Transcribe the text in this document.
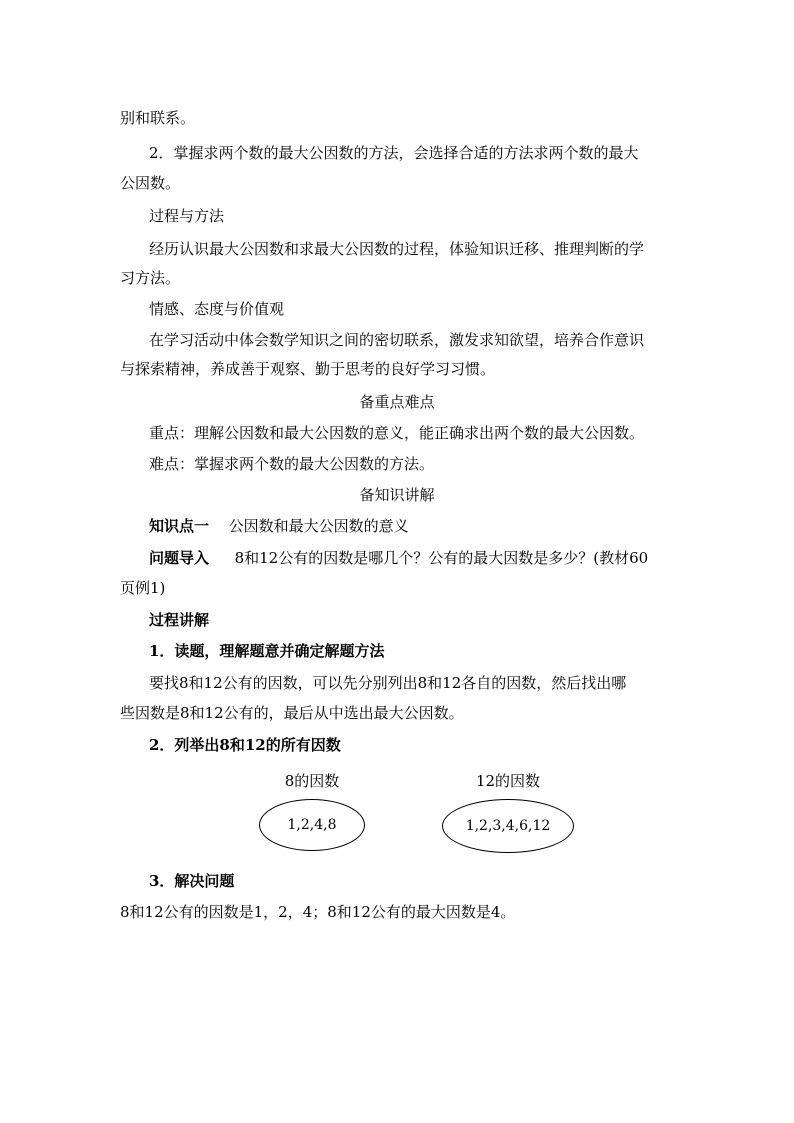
别和联系。
2．掌握求两个数的最大公因数的方法，会选择合适的方法求两个数的最大
公因数。
过程与方法
经历认识最大公因数和求最大公因数的过程，体验知识迁移、推理判断的学
习方法。
情感、态度与价值观
在学习活动中体会数学知识之间的密切联系，激发求知欲望，培养合作意识
与探索精神，养成善于观察、勤于思考的良好学习习惯。
备重点难点
重点：理解公因数和最大公因数的意义，能正确求出两个数的最大公因数。
难点：掌握求两个数的最大公因数的方法。
备知识讲解
知识点一 公因数和最大公因数的意义
问题导入 8和12公有的因数是哪几个？公有的最大因数是多少？(教材60
页例1)
过程讲解
1．读题，理解题意并确定解题方法
要找8和12公有的因数，可以先分别列出8和12各自的因数，然后找出哪
些因数是8和12公有的，最后从中选出最大公因数。
2．列举出8和12的所有因数
8的因数
1,2,4,8
12的因数
1,2,3,4,6,12
3．解决问题
8和12公有的因数是1，2，4；8和12公有的最大因数是4。
